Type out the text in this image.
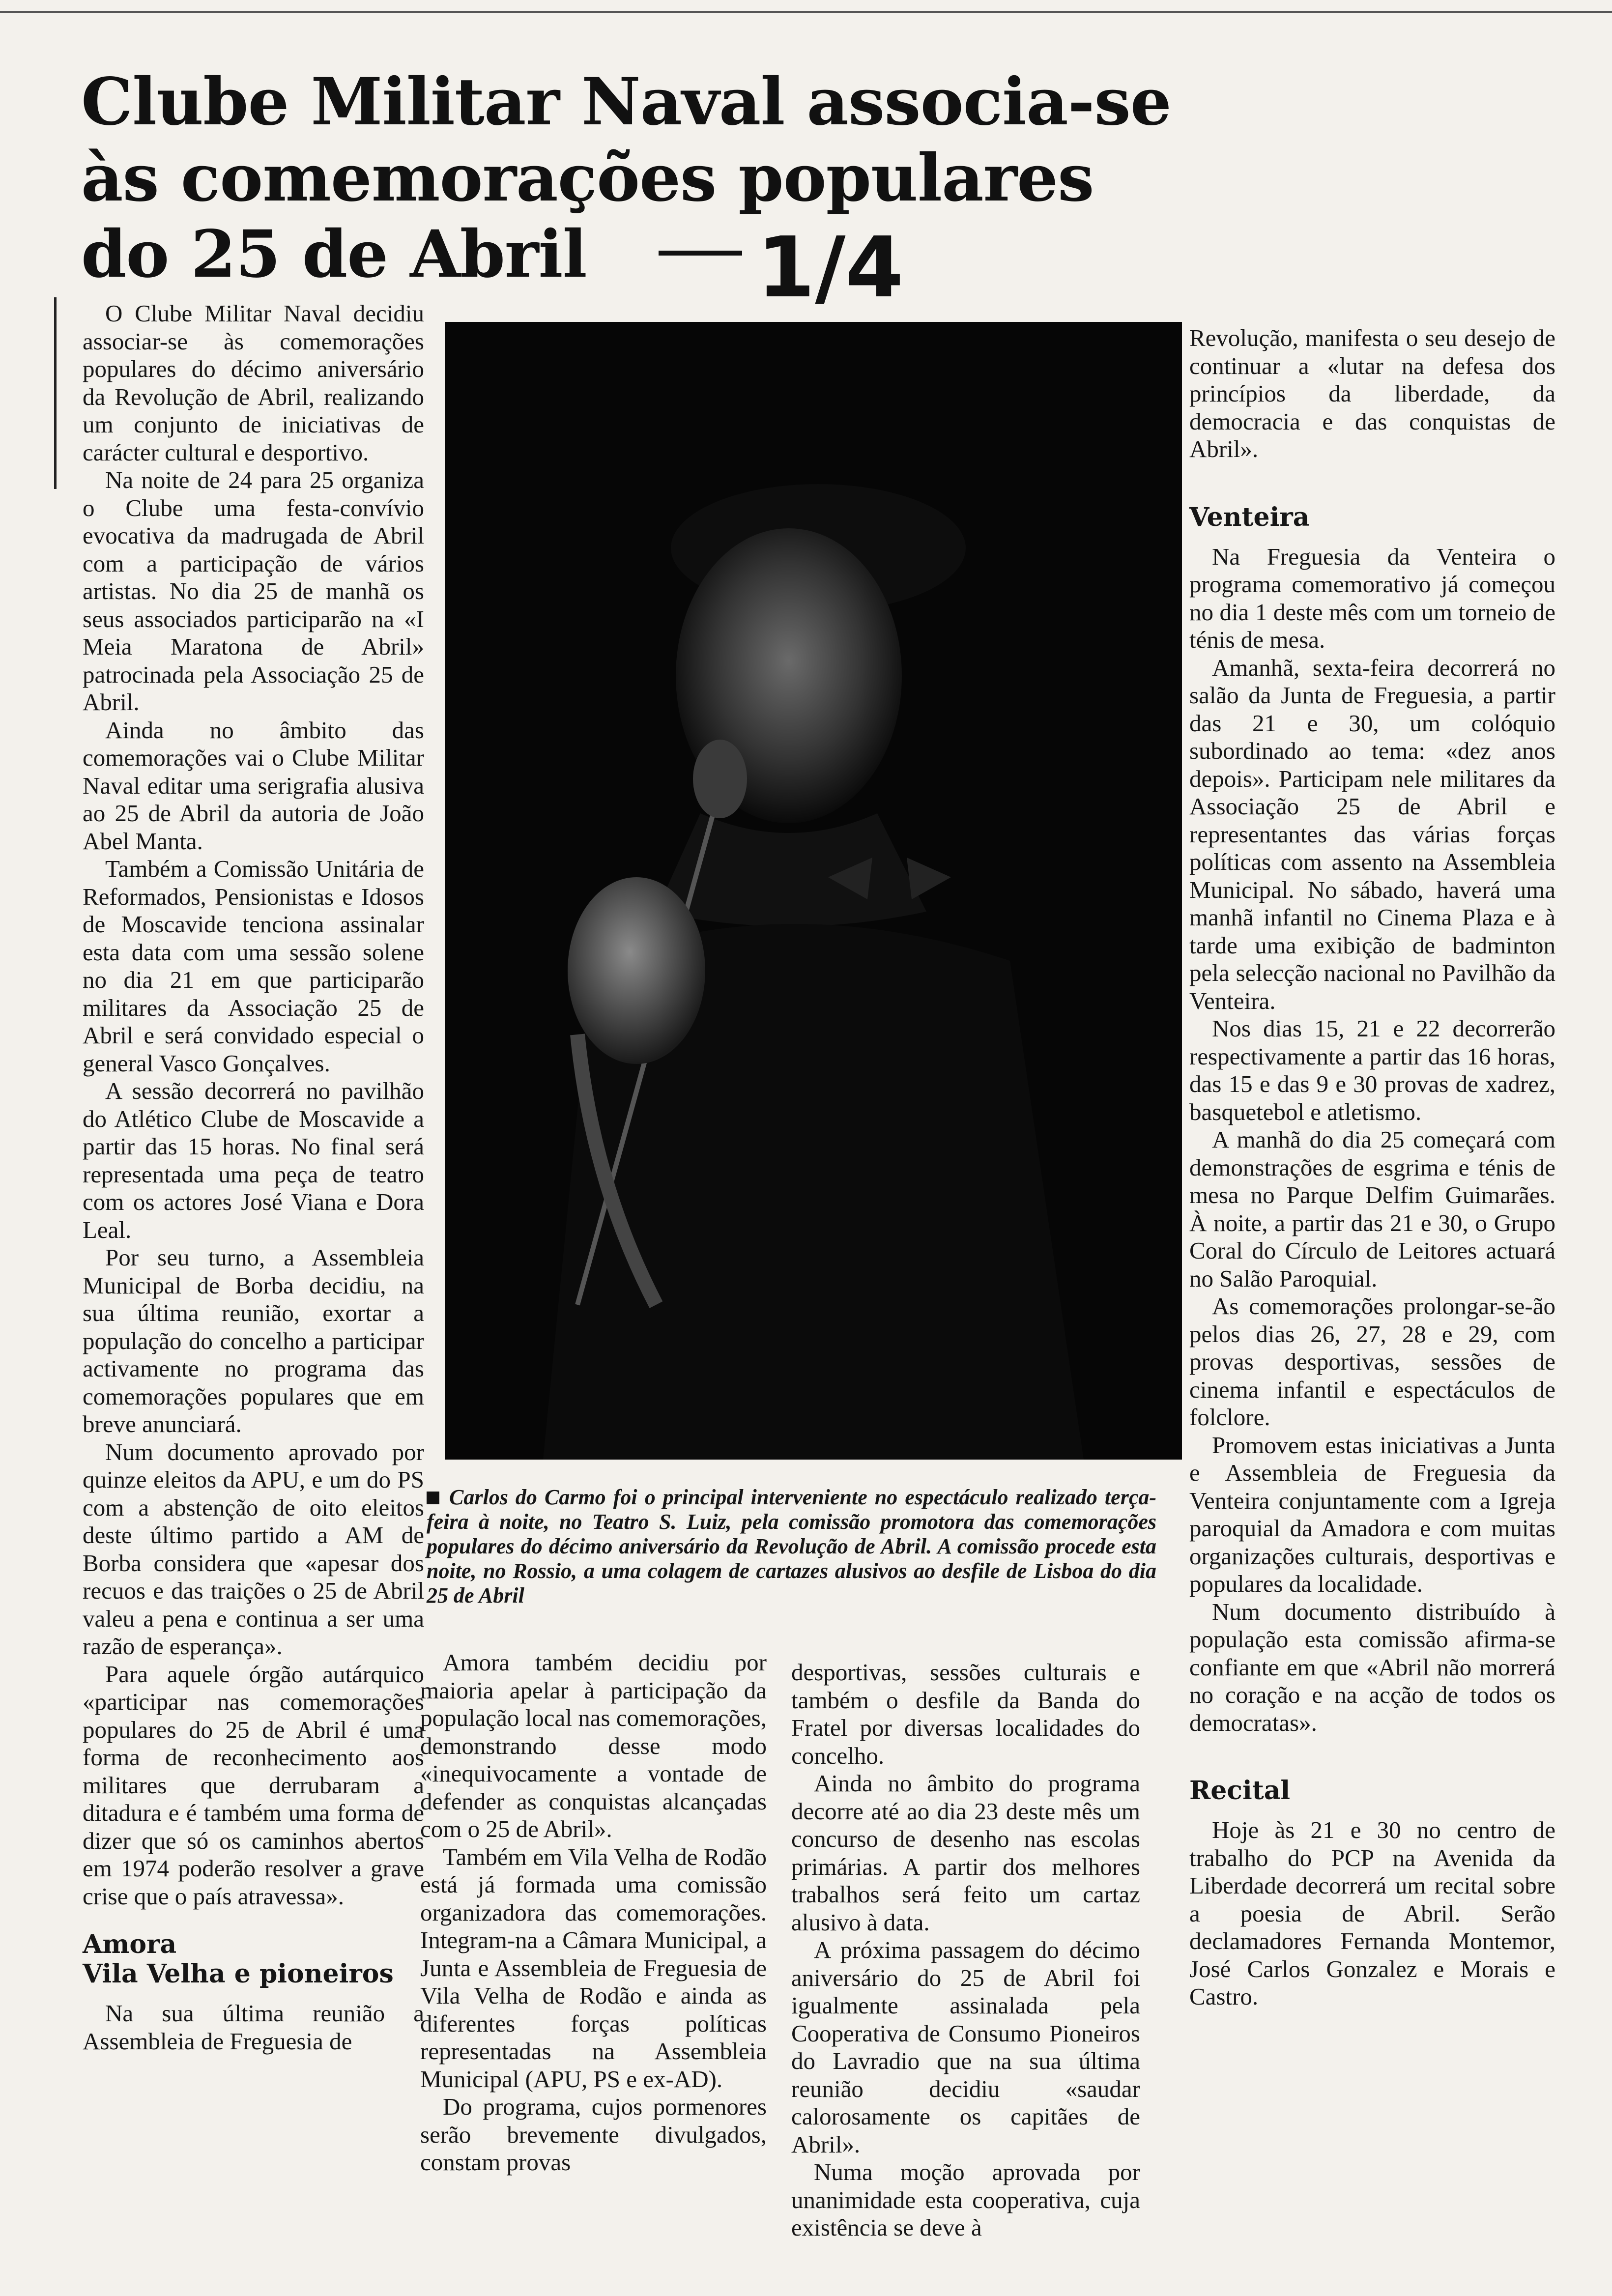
Clube Militar Naval associa-se
às comemorações populares
do 25 de Abril	1/4

O Clube Militar Naval decidiu associar-se às comemorações populares do décimo aniversário da Revolução de Abril, realizando um conjunto de iniciativas de carácter cultural e desportivo.

Na noite de 24 para 25 organiza o Clube uma festa-convívio evocativa da madrugada de Abril com a participação de vários artistas. No dia 25 de manhã os seus associados participarão na «I Meia Maratona de Abril» patrocinada pela Associação 25 de Abril.

Ainda no âmbito das comemorações vai o Clube Militar Naval editar uma serigrafia alusiva ao 25 de Abril da autoria de João Abel Manta.

Também a Comissão Unitária de Reformados, Pensionistas e Idosos de Moscavide tenciona assinalar esta data com uma sessão solene no dia 21 em que participarão militares da Associação 25 de Abril e será convidado especial o general Vasco Gonçalves.

A sessão decorrerá no pavilhão do Atlético Clube de Moscavide a partir das 15 horas. No final será representada uma peça de teatro com os actores José Viana e Dora Leal.

Por seu turno, a Assembleia Municipal de Borba decidiu, na sua última reunião, exortar a população do concelho a participar activamente no programa das comemorações populares que em breve anunciará.

Num documento aprovado por quinze eleitos da APU, e um do PS com a abstenção de oito eleitos deste último partido a AM de Borba considera que «apesar dos recuos e das traições o 25 de Abril valeu a pena e continua a ser uma razão de esperança».

Para aquele órgão autárquico «participar nas comemorações populares do 25 de Abril é uma forma de reconhecimento aos militares que derrubaram a ditadura e é também uma forma de dizer que só os caminhos abertos em 1974 poderão resolver a grave crise que o país atravessa».

Amora
Vila Velha e pioneiros

Na sua última reunião a Assembleia de Freguesia de

Carlos do Carmo foi o principal interveniente no espectáculo realizado terça-feira à noite, no Teatro S. Luiz, pela comissão promotora das comemorações populares do décimo aniversário da Revolução de Abril. A comissão procede esta noite, no Rossio, a uma colagem de cartazes alusivos ao desfile de Lisboa do dia 25 de Abril

Amora também decidiu por maioria apelar à participação da população local nas comemorações, demonstrando desse modo «inequivocamente a vontade de defender as conquistas alcançadas com o 25 de Abril».

Também em Vila Velha de Rodão está já formada uma comissão organizadora das comemorações. Integram-na a Câmara Municipal, a Junta e Assembleia de Freguesia de Vila Velha de Rodão e ainda as diferentes forças políticas representadas na Assembleia Municipal (APU, PS e ex-AD).

Do programa, cujos pormenores serão brevemente divulgados, constam provas

desportivas, sessões culturais e também o desfile da Banda do Fratel por diversas localidades do concelho.

Ainda no âmbito do programa decorre até ao dia 23 deste mês um concurso de desenho nas escolas primárias. A partir dos melhores trabalhos será feito um cartaz alusivo à data.

A próxima passagem do décimo aniversário do 25 de Abril foi igualmente assinalada pela Cooperativa de Consumo Pioneiros do Lavradio que na sua última reunião decidiu «saudar calorosamente os capitães de Abril».

Numa moção aprovada por unanimidade esta cooperativa, cuja existência se deve à

Revolução, manifesta o seu desejo de continuar a «lutar na defesa dos princípios da liberdade, da democracia e das conquistas de Abril».

Venteira

Na Freguesia da Venteira o programa comemorativo já começou no dia 1 deste mês com um torneio de ténis de mesa.

Amanhã, sexta-feira decorrerá no salão da Junta de Freguesia, a partir das 21 e 30, um colóquio subordinado ao tema: «dez anos depois». Participam nele militares da Associação 25 de Abril e representantes das várias forças políticas com assento na Assembleia Municipal. No sábado, haverá uma manhã infantil no Cinema Plaza e à tarde uma exibição de badminton pela selecção nacional no Pavilhão da Venteira.

Nos dias 15, 21 e 22 decorrerão respectivamente a partir das 16 horas, das 15 e das 9 e 30 provas de xadrez, basquetebol e atletismo.

A manhã do dia 25 começará com demonstrações de esgrima e ténis de mesa no Parque Delfim Guimarães. À noite, a partir das 21 e 30, o Grupo Coral do Círculo de Leitores actuará no Salão Paroquial.

As comemorações prolongar-se-ão pelos dias 26, 27, 28 e 29, com provas desportivas, sessões de cinema infantil e espectáculos de folclore.

Promovem estas iniciativas a Junta e Assembleia de Freguesia da Venteira conjuntamente com a Igreja paroquial da Amadora e com muitas organizações culturais, desportivas e populares da localidade.

Num documento distribuído à população esta comissão afirma-se confiante em que «Abril não morrerá no coração e na acção de todos os democratas».

Recital

Hoje às 21 e 30 no centro de trabalho do PCP na Avenida da Liberdade decorrerá um recital sobre a poesia de Abril. Serão declamadores Fernanda Montemor, José Carlos Gonzalez e Morais e Castro.
